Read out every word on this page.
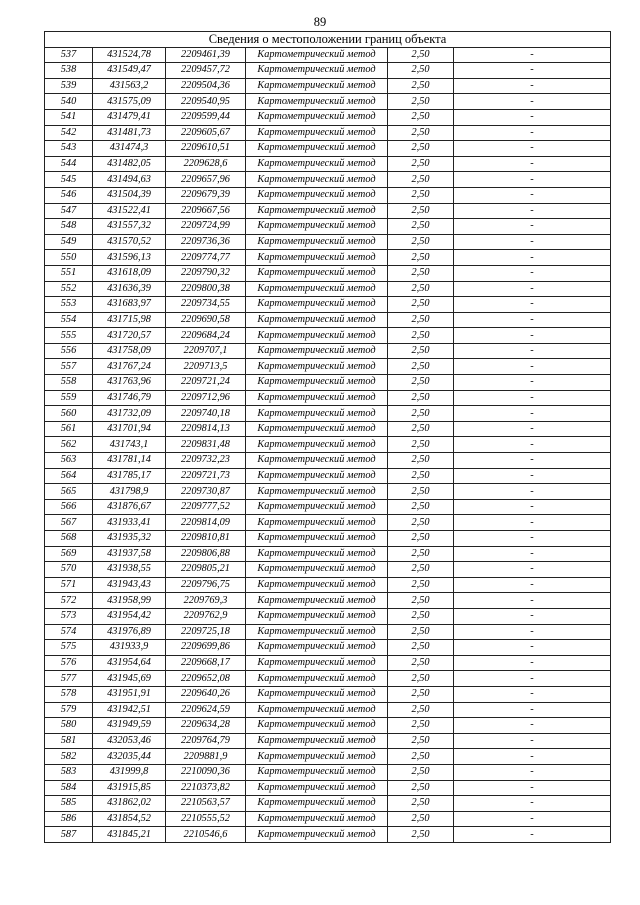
89
Сведения о местоположении границ объекта					
537	431524,78	2209461,39	Картометрический метод	2,50	-
538	431549,47	2209457,72	Картометрический метод	2,50	-
539	431563,2	2209504,36	Картометрический метод	2,50	-
540	431575,09	2209540,95	Картометрический метод	2,50	-
541	431479,41	2209599,44	Картометрический метод	2,50	-
542	431481,73	2209605,67	Картометрический метод	2,50	-
543	431474,3	2209610,51	Картометрический метод	2,50	-
544	431482,05	2209628,6	Картометрический метод	2,50	-
545	431494,63	2209657,96	Картометрический метод	2,50	-
546	431504,39	2209679,39	Картометрический метод	2,50	-
547	431522,41	2209667,56	Картометрический метод	2,50	-
548	431557,32	2209724,99	Картометрический метод	2,50	-
549	431570,52	2209736,36	Картометрический метод	2,50	-
550	431596,13	2209774,77	Картометрический метод	2,50	-
551	431618,09	2209790,32	Картометрический метод	2,50	-
552	431636,39	2209800,38	Картометрический метод	2,50	-
553	431683,97	2209734,55	Картометрический метод	2,50	-
554	431715,98	2209690,58	Картометрический метод	2,50	-
555	431720,57	2209684,24	Картометрический метод	2,50	-
556	431758,09	2209707,1	Картометрический метод	2,50	-
557	431767,24	2209713,5	Картометрический метод	2,50	-
558	431763,96	2209721,24	Картометрический метод	2,50	-
559	431746,79	2209712,96	Картометрический метод	2,50	-
560	431732,09	2209740,18	Картометрический метод	2,50	-
561	431701,94	2209814,13	Картометрический метод	2,50	-
562	431743,1	2209831,48	Картометрический метод	2,50	-
563	431781,14	2209732,23	Картометрический метод	2,50	-
564	431785,17	2209721,73	Картометрический метод	2,50	-
565	431798,9	2209730,87	Картометрический метод	2,50	-
566	431876,67	2209777,52	Картометрический метод	2,50	-
567	431933,41	2209814,09	Картометрический метод	2,50	-
568	431935,32	2209810,81	Картометрический метод	2,50	-
569	431937,58	2209806,88	Картометрический метод	2,50	-
570	431938,55	2209805,21	Картометрический метод	2,50	-
571	431943,43	2209796,75	Картометрический метод	2,50	-
572	431958,99	2209769,3	Картометрический метод	2,50	-
573	431954,42	2209762,9	Картометрический метод	2,50	-
574	431976,89	2209725,18	Картометрический метод	2,50	-
575	431933,9	2209699,86	Картометрический метод	2,50	-
576	431954,64	2209668,17	Картометрический метод	2,50	-
577	431945,69	2209652,08	Картометрический метод	2,50	-
578	431951,91	2209640,26	Картометрический метод	2,50	-
579	431942,51	2209624,59	Картометрический метод	2,50	-
580	431949,59	2209634,28	Картометрический метод	2,50	-
581	432053,46	2209764,79	Картометрический метод	2,50	-
582	432035,44	2209881,9	Картометрический метод	2,50	-
583	431999,8	2210090,36	Картометрический метод	2,50	-
584	431915,85	2210373,82	Картометрический метод	2,50	-
585	431862,02	2210563,57	Картометрический метод	2,50	-
586	431854,52	2210555,52	Картометрический метод	2,50	-
587	431845,21	2210546,6	Картометрический метод	2,50	-
